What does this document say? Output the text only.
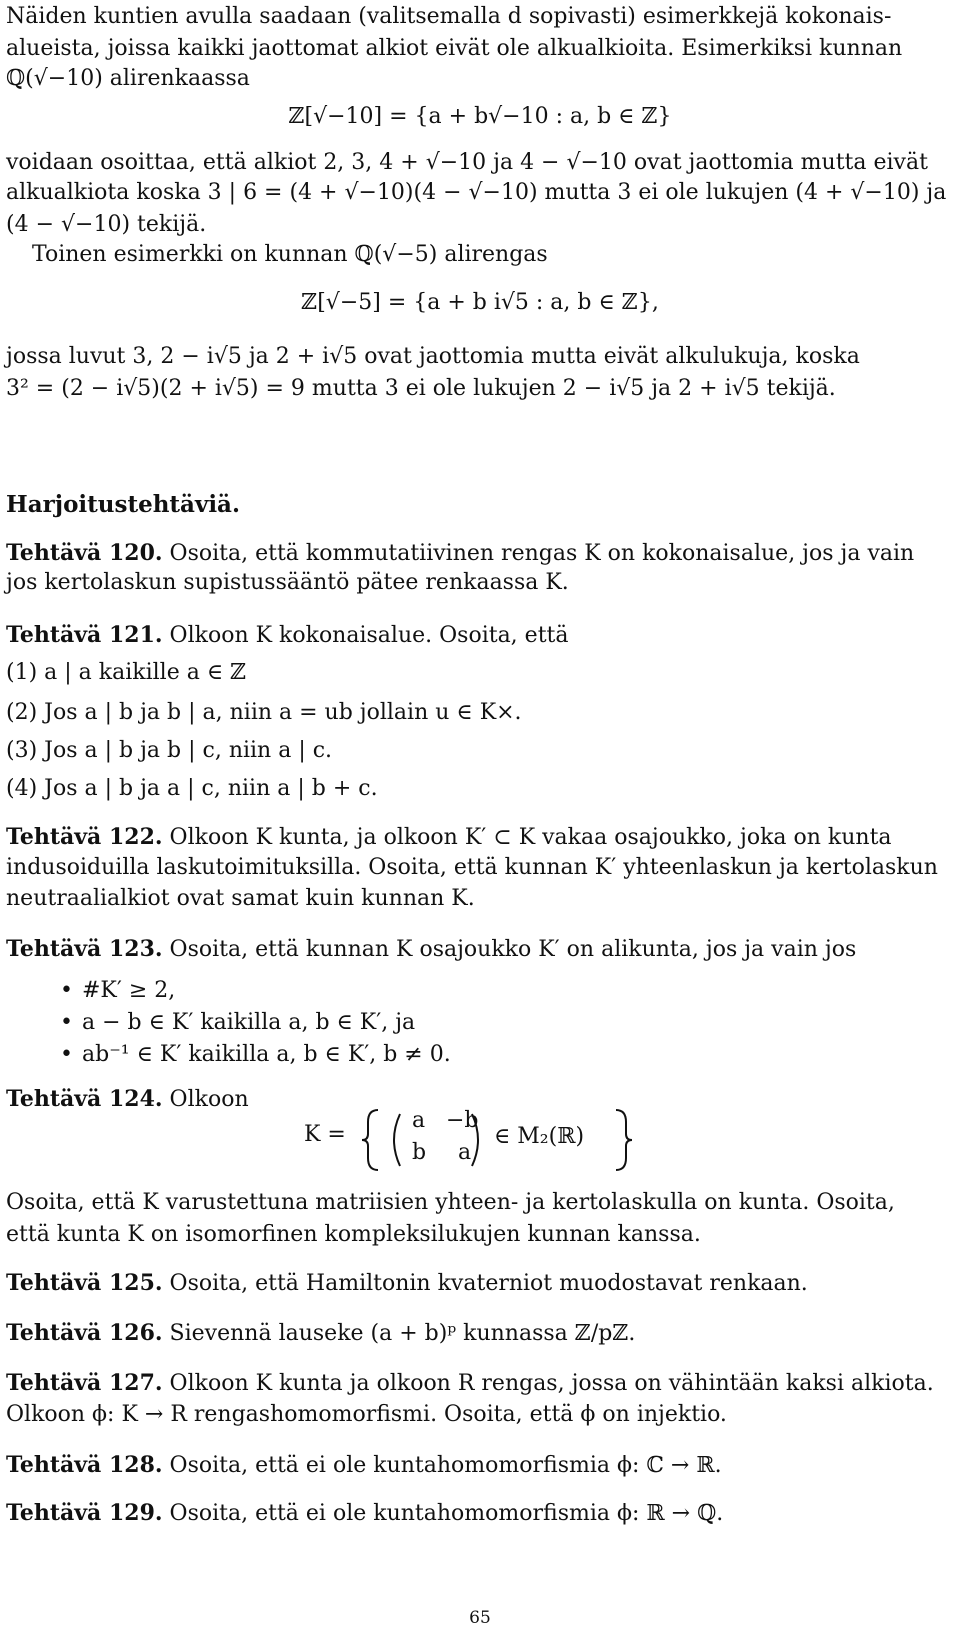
Näiden kuntien avulla saadaan (valitsemalla d sopivasti) esimerkkejä kokonais-
alueista, joissa kaikki jaottomat alkiot eivät ole alkualkioita. Esimerkiksi kunnan
ℚ(√−10) alirenkaassa
ℤ[√−10] = {a + b√−10 : a, b ∈ ℤ}
voidaan osoittaa, että alkiot 2, 3, 4 + √−10 ja 4 − √−10 ovat jaottomia mutta eivät
alkualkiota koska 3 | 6 = (4 + √−10)(4 − √−10) mutta 3 ei ole lukujen (4 + √−10) ja
(4 − √−10) tekijä.
Toinen esimerkki on kunnan ℚ(√−5) alirengas
ℤ[√−5] = {a + b i√5 : a, b ∈ ℤ},
jossa luvut 3, 2 − i√5 ja 2 + i√5 ovat jaottomia mutta eivät alkulukuja, koska
3² = (2 − i√5)(2 + i√5) = 9 mutta 3 ei ole lukujen 2 − i√5 ja 2 + i√5 tekijä.
Harjoitustehtäviä.
Tehtävä 120. Osoita, että kommutatiivinen rengas K on kokonaisalue, jos ja vain
jos kertolaskun supistussääntö pätee renkaassa K.
Tehtävä 121. Olkoon K kokonaisalue. Osoita, että
(1) a | a kaikille a ∈ ℤ
(2) Jos a | b ja b | a, niin a = ub jollain u ∈ K×.
(3) Jos a | b ja b | c, niin a | c.
(4) Jos a | b ja a | c, niin a | b + c.
Tehtävä 122. Olkoon K kunta, ja olkoon K′ ⊂ K vakaa osajoukko, joka on kunta
indusoiduilla laskutoimituksilla. Osoita, että kunnan K′ yhteenlaskun ja kertolaskun
neutraalialkiot ovat samat kuin kunnan K.
Tehtävä 123. Osoita, että kunnan K osajoukko K′ on alikunta, jos ja vain jos
• #K′ ≥ 2,
• a − b ∈ K′ kaikilla a, b ∈ K′, ja
• ab⁻¹ ∈ K′ kaikilla a, b ∈ K′, b ≠ 0.
Tehtävä 124. Olkoon
K =
a −b
b a
∈ M₂(ℝ)
Osoita, että K varustettuna matriisien yhteen- ja kertolaskulla on kunta. Osoita,
että kunta K on isomorfinen kompleksilukujen kunnan kanssa.
Tehtävä 125. Osoita, että Hamiltonin kvaterniot muodostavat renkaan.
Tehtävä 126. Sievennä lauseke (a + b)ᵖ kunnassa ℤ/pℤ.
Tehtävä 127. Olkoon K kunta ja olkoon R rengas, jossa on vähintään kaksi alkiota.
Olkoon ϕ: K → R rengashomomorfismi. Osoita, että ϕ on injektio.
Tehtävä 128. Osoita, että ei ole kuntahomomorfismia ϕ: ℂ → ℝ.
Tehtävä 129. Osoita, että ei ole kuntahomomorfismia ϕ: ℝ → ℚ.
65
